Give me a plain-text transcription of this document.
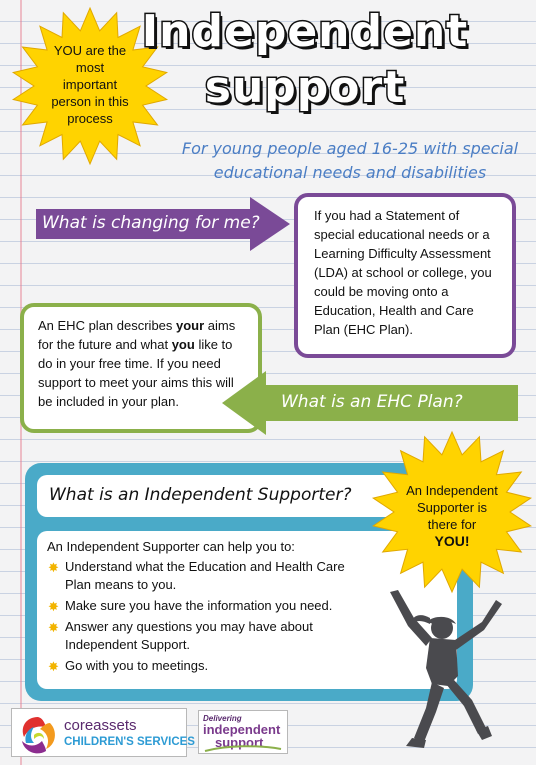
YOU are the most important person in this process
Independent
support
For young people aged 16-25 with special
educational needs and disabilities
What is changing for me?	If you had a Statement of special educational needs or a Learning Difficulty Assessment (LDA) at school or college, you could be moving onto a Education, Health and Care Plan (EHC Plan).
An EHC plan describes your aims for the future and what you like to do in your free time. If you need support to meet your aims this will be included in your plan.	What is an EHC Plan?
What is an Independent Supporter?
An Independent Supporter can help you to:
✸ Understand what the Education and Health Care Plan means to you.
✸ Make sure you have the information you need.
✸ Answer any questions you may have about Independent Support.
✸ Go with you to meetings.
An Independent Supporter is there for
YOU!
coreassets
CHILDREN'S SERVICES
Delivering
independent
support
